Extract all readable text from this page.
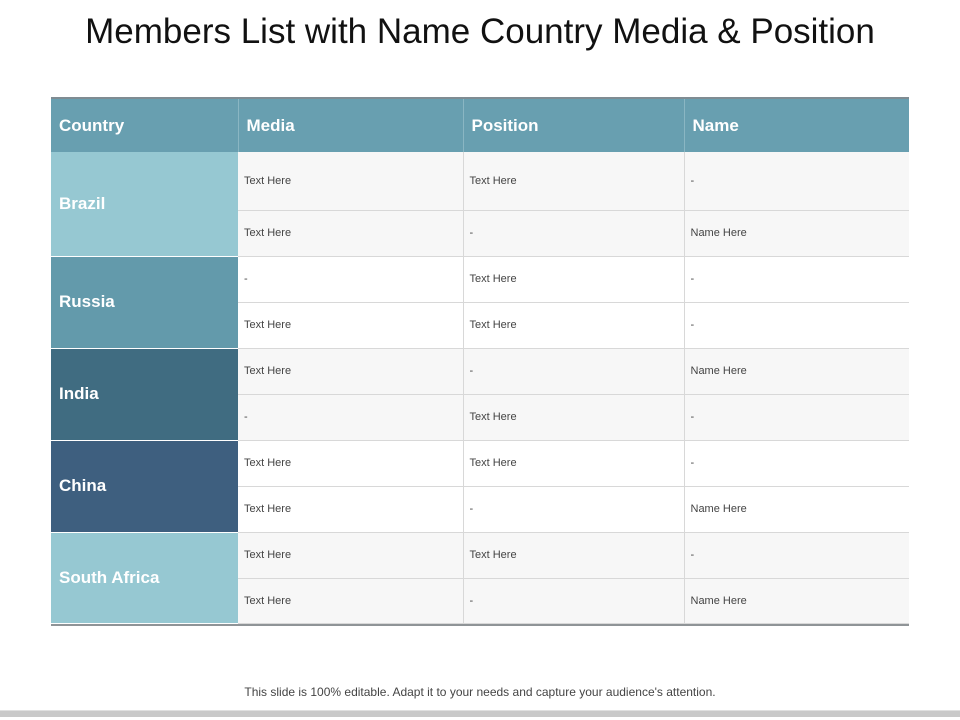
Members List with Name Country Media & Position
Country	Media	Position	Name
Brazil	Text Here	Text Here	-
	Text Here	-	Name Here
Russia	-	Text Here	-
	Text Here	Text Here	-
India	Text Here	-	Name Here
	-	Text Here	-
China	Text Here	Text Here	-
	Text Here	-	Name Here
South Africa	Text Here	Text Here	-
	Text Here	-	Name Here
This slide is 100% editable. Adapt it to your needs and capture your audience's attention.
